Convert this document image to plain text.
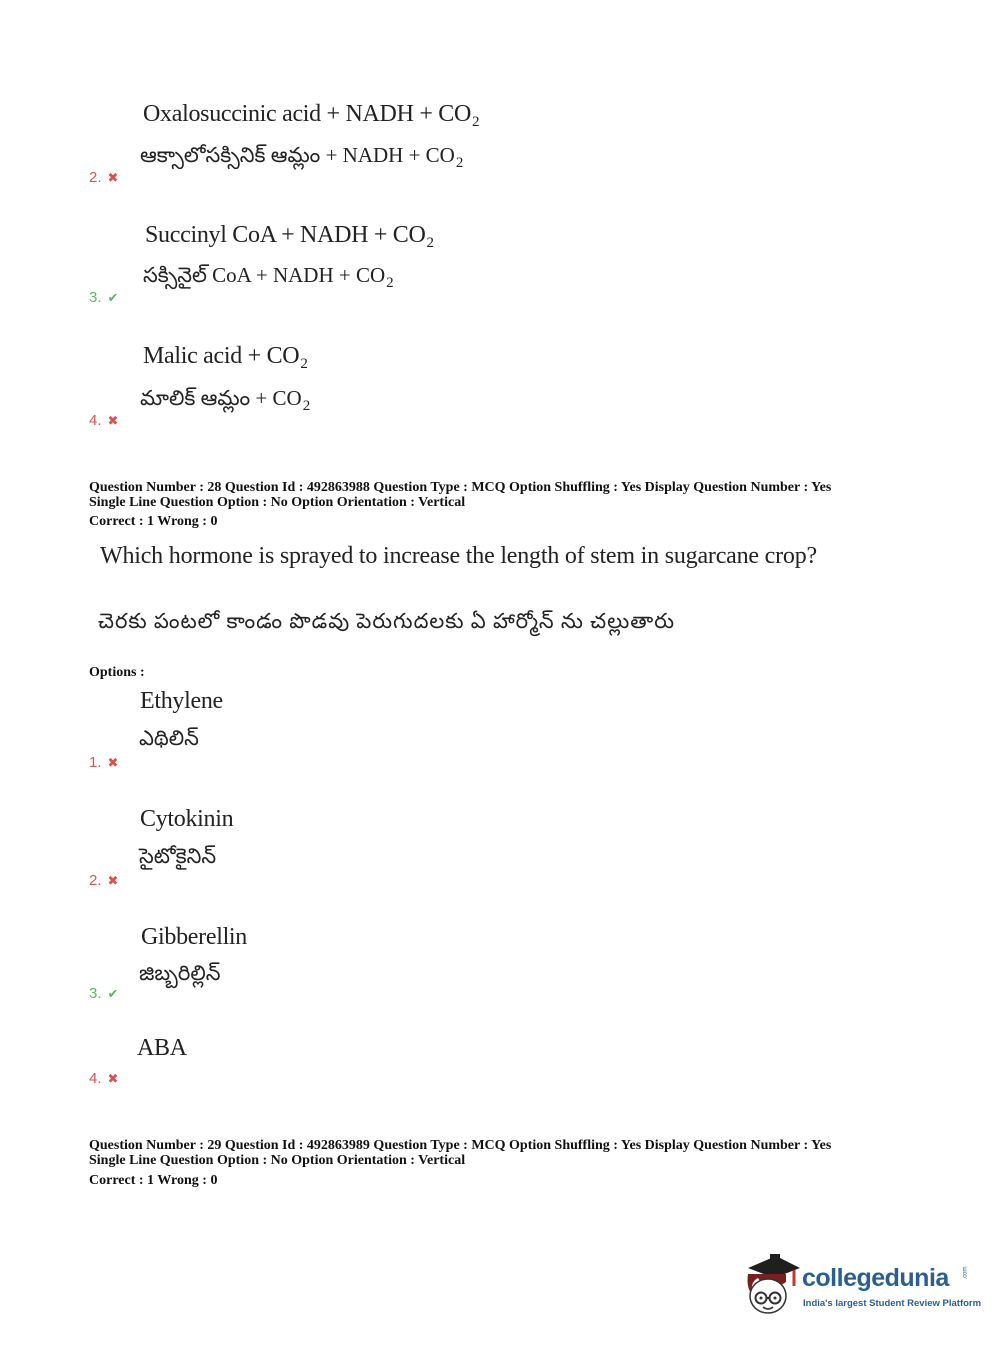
Oxalosuccinic acid + NADH + $CO_2$
ఆక్సాలోసక్సినిక్ ఆమ్లం + NADH + $CO_2$
2. ✖
Succinyl CoA + NADH + $CO_2$
సక్సినైల్ CoA + NADH + $CO_2$
3. ✔
Malic acid + $CO_2$
మాలిక్ ఆమ్లం + $CO_2$
4. ✖
Question Number : 28 Question Id : 492863988 Question Type : MCQ Option Shuffling : Yes Display Question Number : Yes
Single Line Question Option : No Option Orientation : Vertical
Correct : 1 Wrong : 0
Which hormone is sprayed to increase the length of stem in sugarcane crop?
చెరకు పంటలో కాండం పొడవు పెరుగుదలకు ఏ హార్మోన్ ను చల్లుతారు
Options :
Ethylene
ఎథిలిన్
1. ✖
Cytokinin
సైటోకైనిన్
2. ✖
Gibberellin
జిబ్బరిల్లిన్
3. ✔
ABA
4. ✖
Question Number : 29 Question Id : 492863989 Question Type : MCQ Option Shuffling : Yes Display Question Number : Yes
Single Line Question Option : No Option Orientation : Vertical
Correct : 1 Wrong : 0
collegedunia .com
India's largest Student Review Platform
